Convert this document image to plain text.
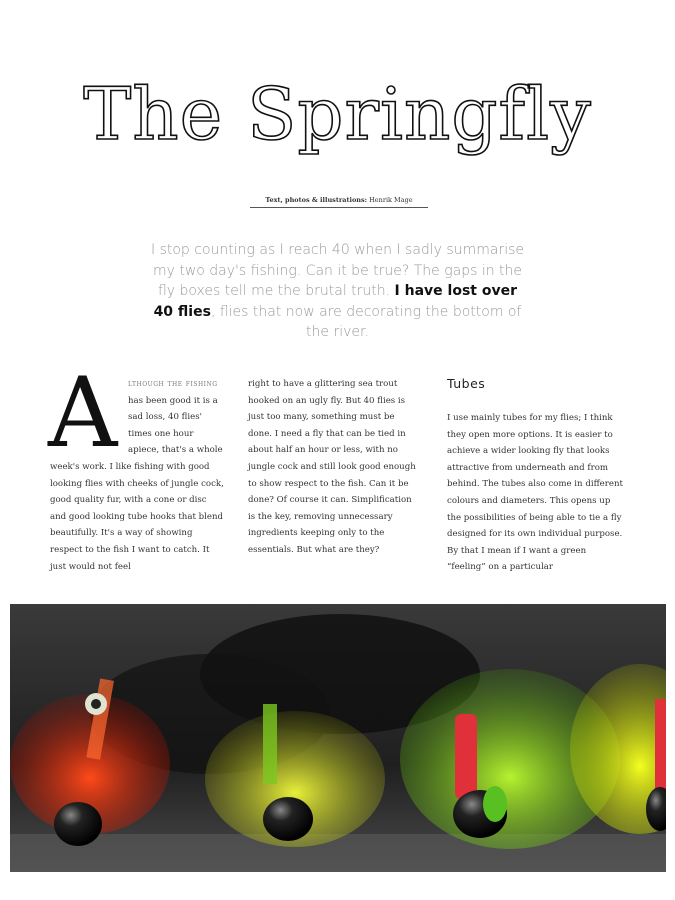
The Springfly
Text, photos & illustrations: Henrik Mage
I stop counting as I reach 40 when I sadly summarise my two day's fishing. Can it be true? The gaps in the fly boxes tell me the brutal truth. I have lost over 40 flies, flies that now are decorating the bottom of the river.
A	lthough the fishing has been good it is a sad loss, 40 flies' times one hour apiece, that's a whole week's work. I like fishing with good looking flies with cheeks of jungle cock, good quality fur, with a cone or disc and good looking tube hooks that blend beautifully. It's a way of showing respect to the fish I want to catch. It just would not feel

right to have a glittering sea trout hooked on an ugly fly. But 40 flies is just too many, something must be done. I need a fly that can be tied in about half an hour or less, with no jungle cock and still look good enough to show respect to the fish. Can it be done? Of course it can. Simplification is the key, removing unnecessary ingredients keeping only to the essentials. But what are they?

Tubes

I use mainly tubes for my flies; I think they open more options. It is easier to achieve a wider looking fly that looks attractive from underneath and from behind. The tubes also come in different colours and diameters. This opens up the possibilities of being able to tie a fly designed for its own individual purpose. By that I mean if I want a green “feeling” on a particular
